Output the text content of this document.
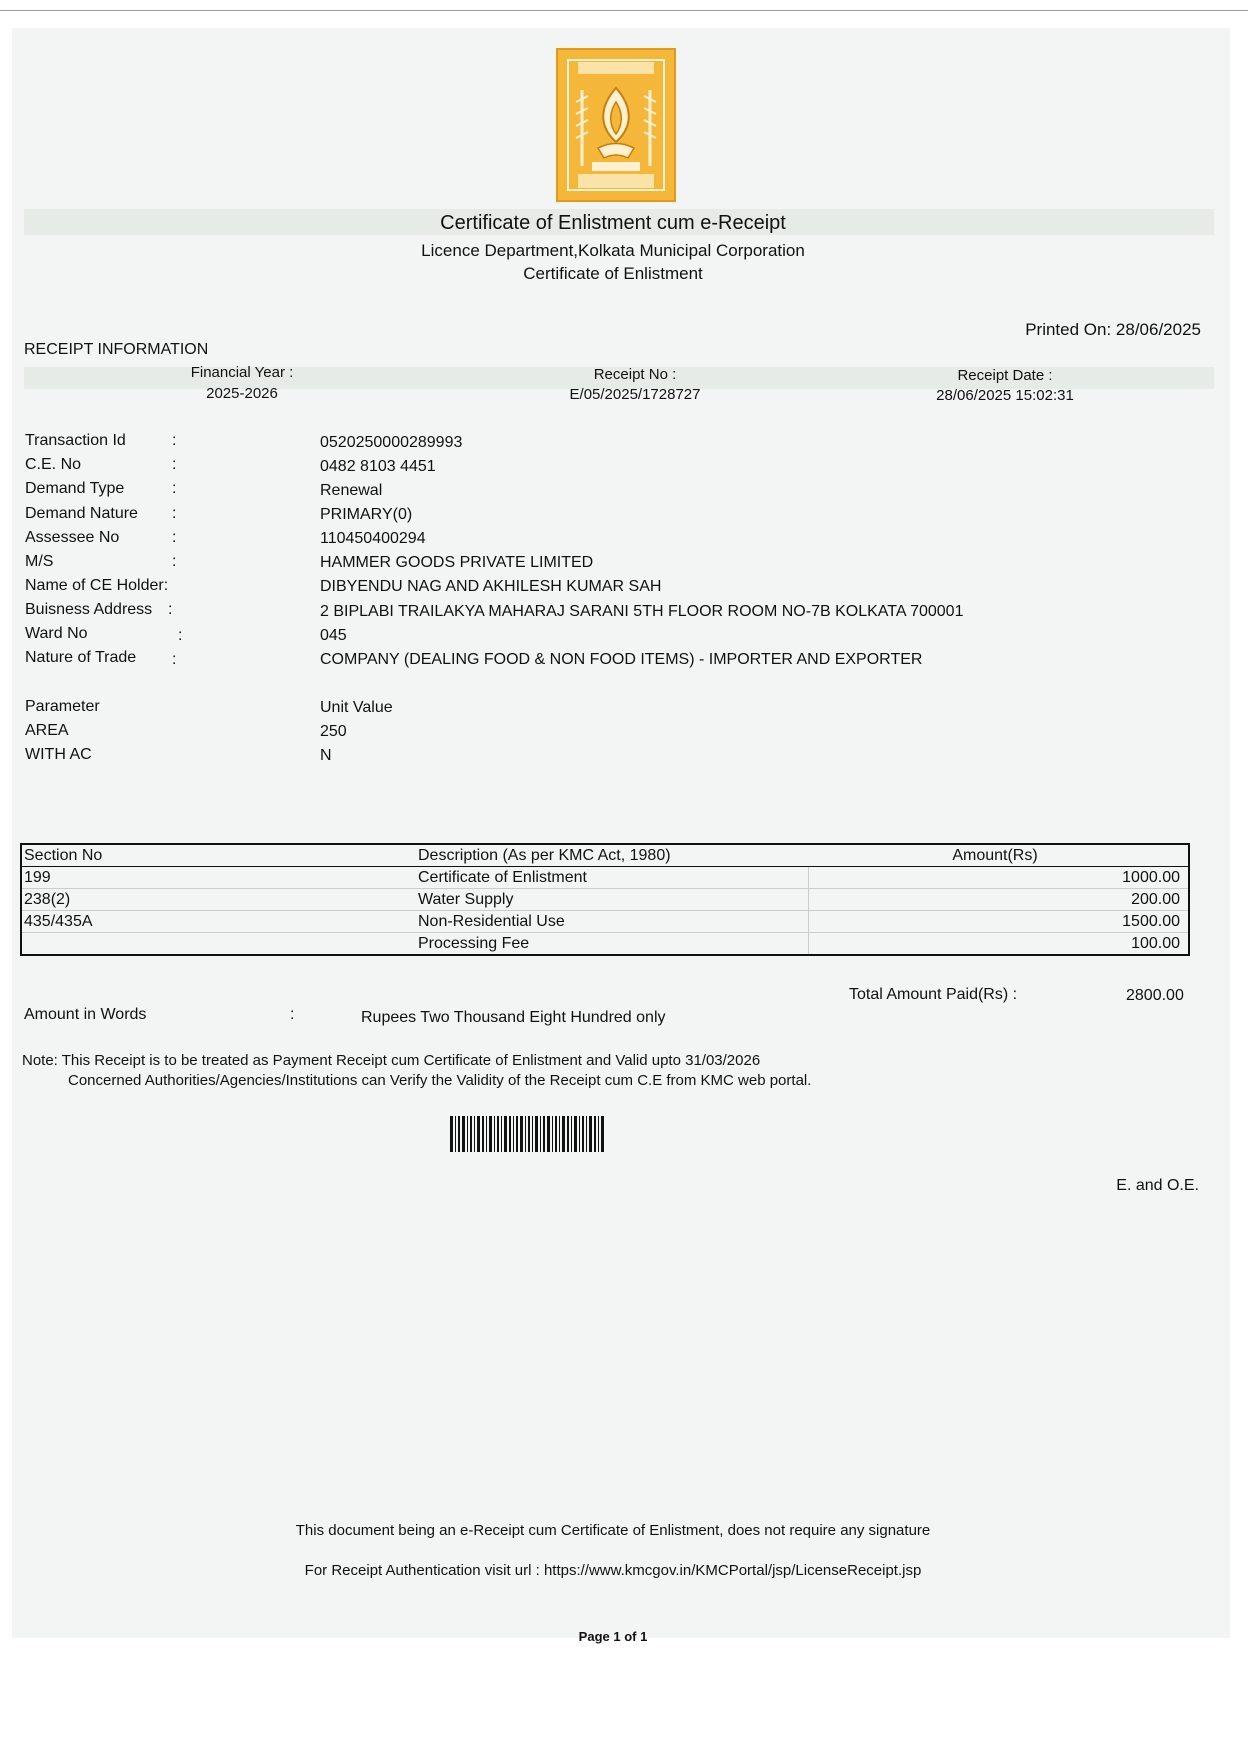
Certificate of Enlistment cum e-Receipt
Licence Department,Kolkata Municipal Corporation
Certificate of Enlistment
Printed On: 28/06/2025
RECEIPT INFORMATION
Financial Year :
2025-2026
Receipt No :
E/05/2025/1728727
Receipt Date :
28/06/2025 15:02:31
Transaction Id	:	0520250000289993
C.E. No	:	0482 8103 4451
Demand Type	:	Renewal
Demand Nature :	PRIMARY(0)
Assessee No	:	110450400294
M/S	:	HAMMER GOODS PRIVATE LIMITED
Name of CE Holder:	DIBYENDU NAG AND AKHILESH KUMAR SAH
Buisness Address :	2 BIPLABI TRAILAKYA MAHARAJ SARANI 5TH FLOOR ROOM NO-7B KOLKATA 700001
Ward No	:	045
Nature of Trade :	COMPANY (DEALING FOOD & NON FOOD ITEMS) - IMPORTER AND EXPORTER
Parameter	Unit Value
AREA	250
WITH AC	N
Section No	Description (As per KMC Act, 1980)	Amount(Rs)
199	Certificate of Enlistment	1000.00
238(2)	Water Supply	200.00
435/435A	Non-Residential Use	1500.00
	Processing Fee	100.00
Total Amount Paid(Rs) :	2800.00
Amount in Words	:	Rupees Two Thousand Eight Hundred only
Note: This Receipt is to be treated as Payment Receipt cum Certificate of Enlistment and Valid upto 31/03/2026
Concerned Authorities/Agencies/Institutions can Verify the Validity of the Receipt cum C.E from KMC web portal.
E. and O.E.
This document being an e-Receipt cum Certificate of Enlistment, does not require any signature
For Receipt Authentication visit url : https://www.kmcgov.in/KMCPortal/jsp/LicenseReceipt.jsp
Page 1 of 1
